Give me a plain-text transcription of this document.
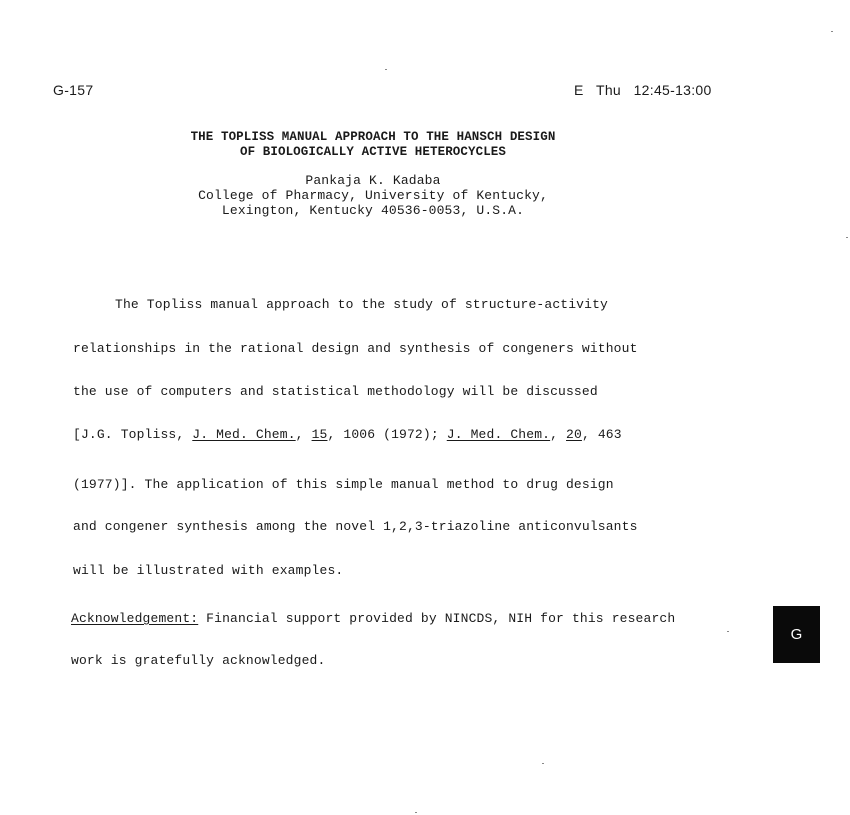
G-157	E Thu 12:45-13:00
THE TOPLISS MANUAL APPROACH TO THE HANSCH DESIGN
OF BIOLOGICALLY ACTIVE HETEROCYCLES
Pankaja K. Kadaba
College of Pharmacy, University of Kentucky,
Lexington, Kentucky 40536-0053, U.S.A.
The Topliss manual approach to the study of structure-activity
relationships in the rational design and synthesis of congeners without
the use of computers and statistical methodology will be discussed
[J.G. Topliss, J. Med. Chem., 15, 1006 (1972); J. Med. Chem., 20, 463
(1977)]. The application of this simple manual method to drug design
and congener synthesis among the novel 1,2,3-triazoline anticonvulsants
will be illustrated with examples.
Acknowledgement: Financial support provided by NINCDS, NIH for this research
work is gratefully acknowledged.
G
